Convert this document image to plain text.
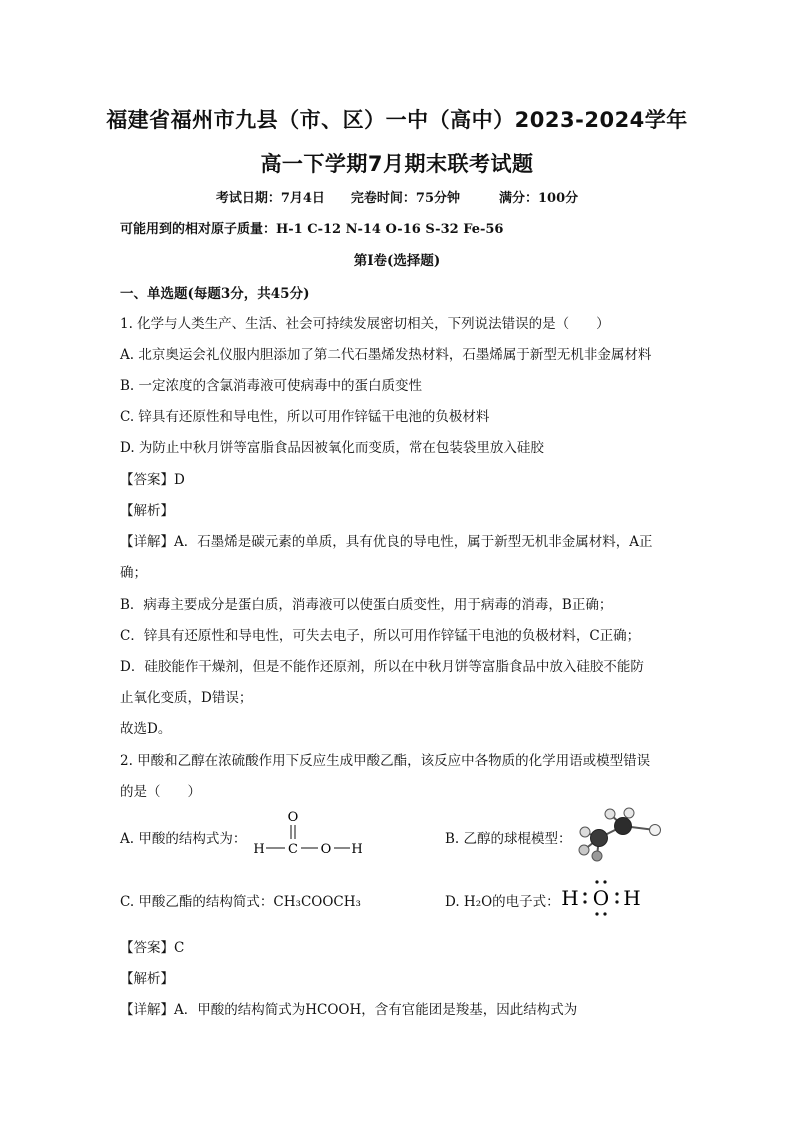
福建省福州市九县（市、区）一中（高中）2023-2024学年
高一下学期7月期末联考试题
考试日期：7月4日　　完卷时间：75分钟　　　满分：100分
可能用到的相对原子质量：H-1 C-12 N-14 O-16 S-32 Fe-56
第Ⅰ卷(选择题)
一、单选题(每题3分，共45分)
1. 化学与人类生产、生活、社会可持续发展密切相关，下列说法错误的是（　　）
A. 北京奥运会礼仪服内胆添加了第二代石墨烯发热材料，石墨烯属于新型无机非金属材料
B. 一定浓度的含氯消毒液可使病毒中的蛋白质变性
C. 锌具有还原性和导电性，所以可用作锌锰干电池的负极材料
D. 为防止中秋月饼等富脂食品因被氧化而变质，常在包装袋里放入硅胶
【答案】D
【解析】
【详解】A．石墨烯是碳元素的单质，具有优良的导电性，属于新型无机非金属材料，A正
确；
B．病毒主要成分是蛋白质，消毒液可以使蛋白质变性，用于病毒的消毒，B正确；
C．锌具有还原性和导电性，可失去电子，所以可用作锌锰干电池的负极材料，C正确；
D．硅胶能作干燥剂，但是不能作还原剂，所以在中秋月饼等富脂食品中放入硅胶不能防
止氧化变质，D错误；
故选D。
2. 甲酸和乙醇在浓硫酸作用下反应生成甲酸乙酯，该反应中各物质的化学用语或模型错误
的是（　　）
A. 甲酸的结构式为：
O
H C O H
B. 乙醇的球棍模型：
C. 甲酸乙酯的结构简式：CH₃COOCH₃	D. H₂O的电子式： H O H
【答案】C
【解析】
【详解】A．甲酸的结构简式为HCOOH，含有官能团是羧基，因此结构式为
